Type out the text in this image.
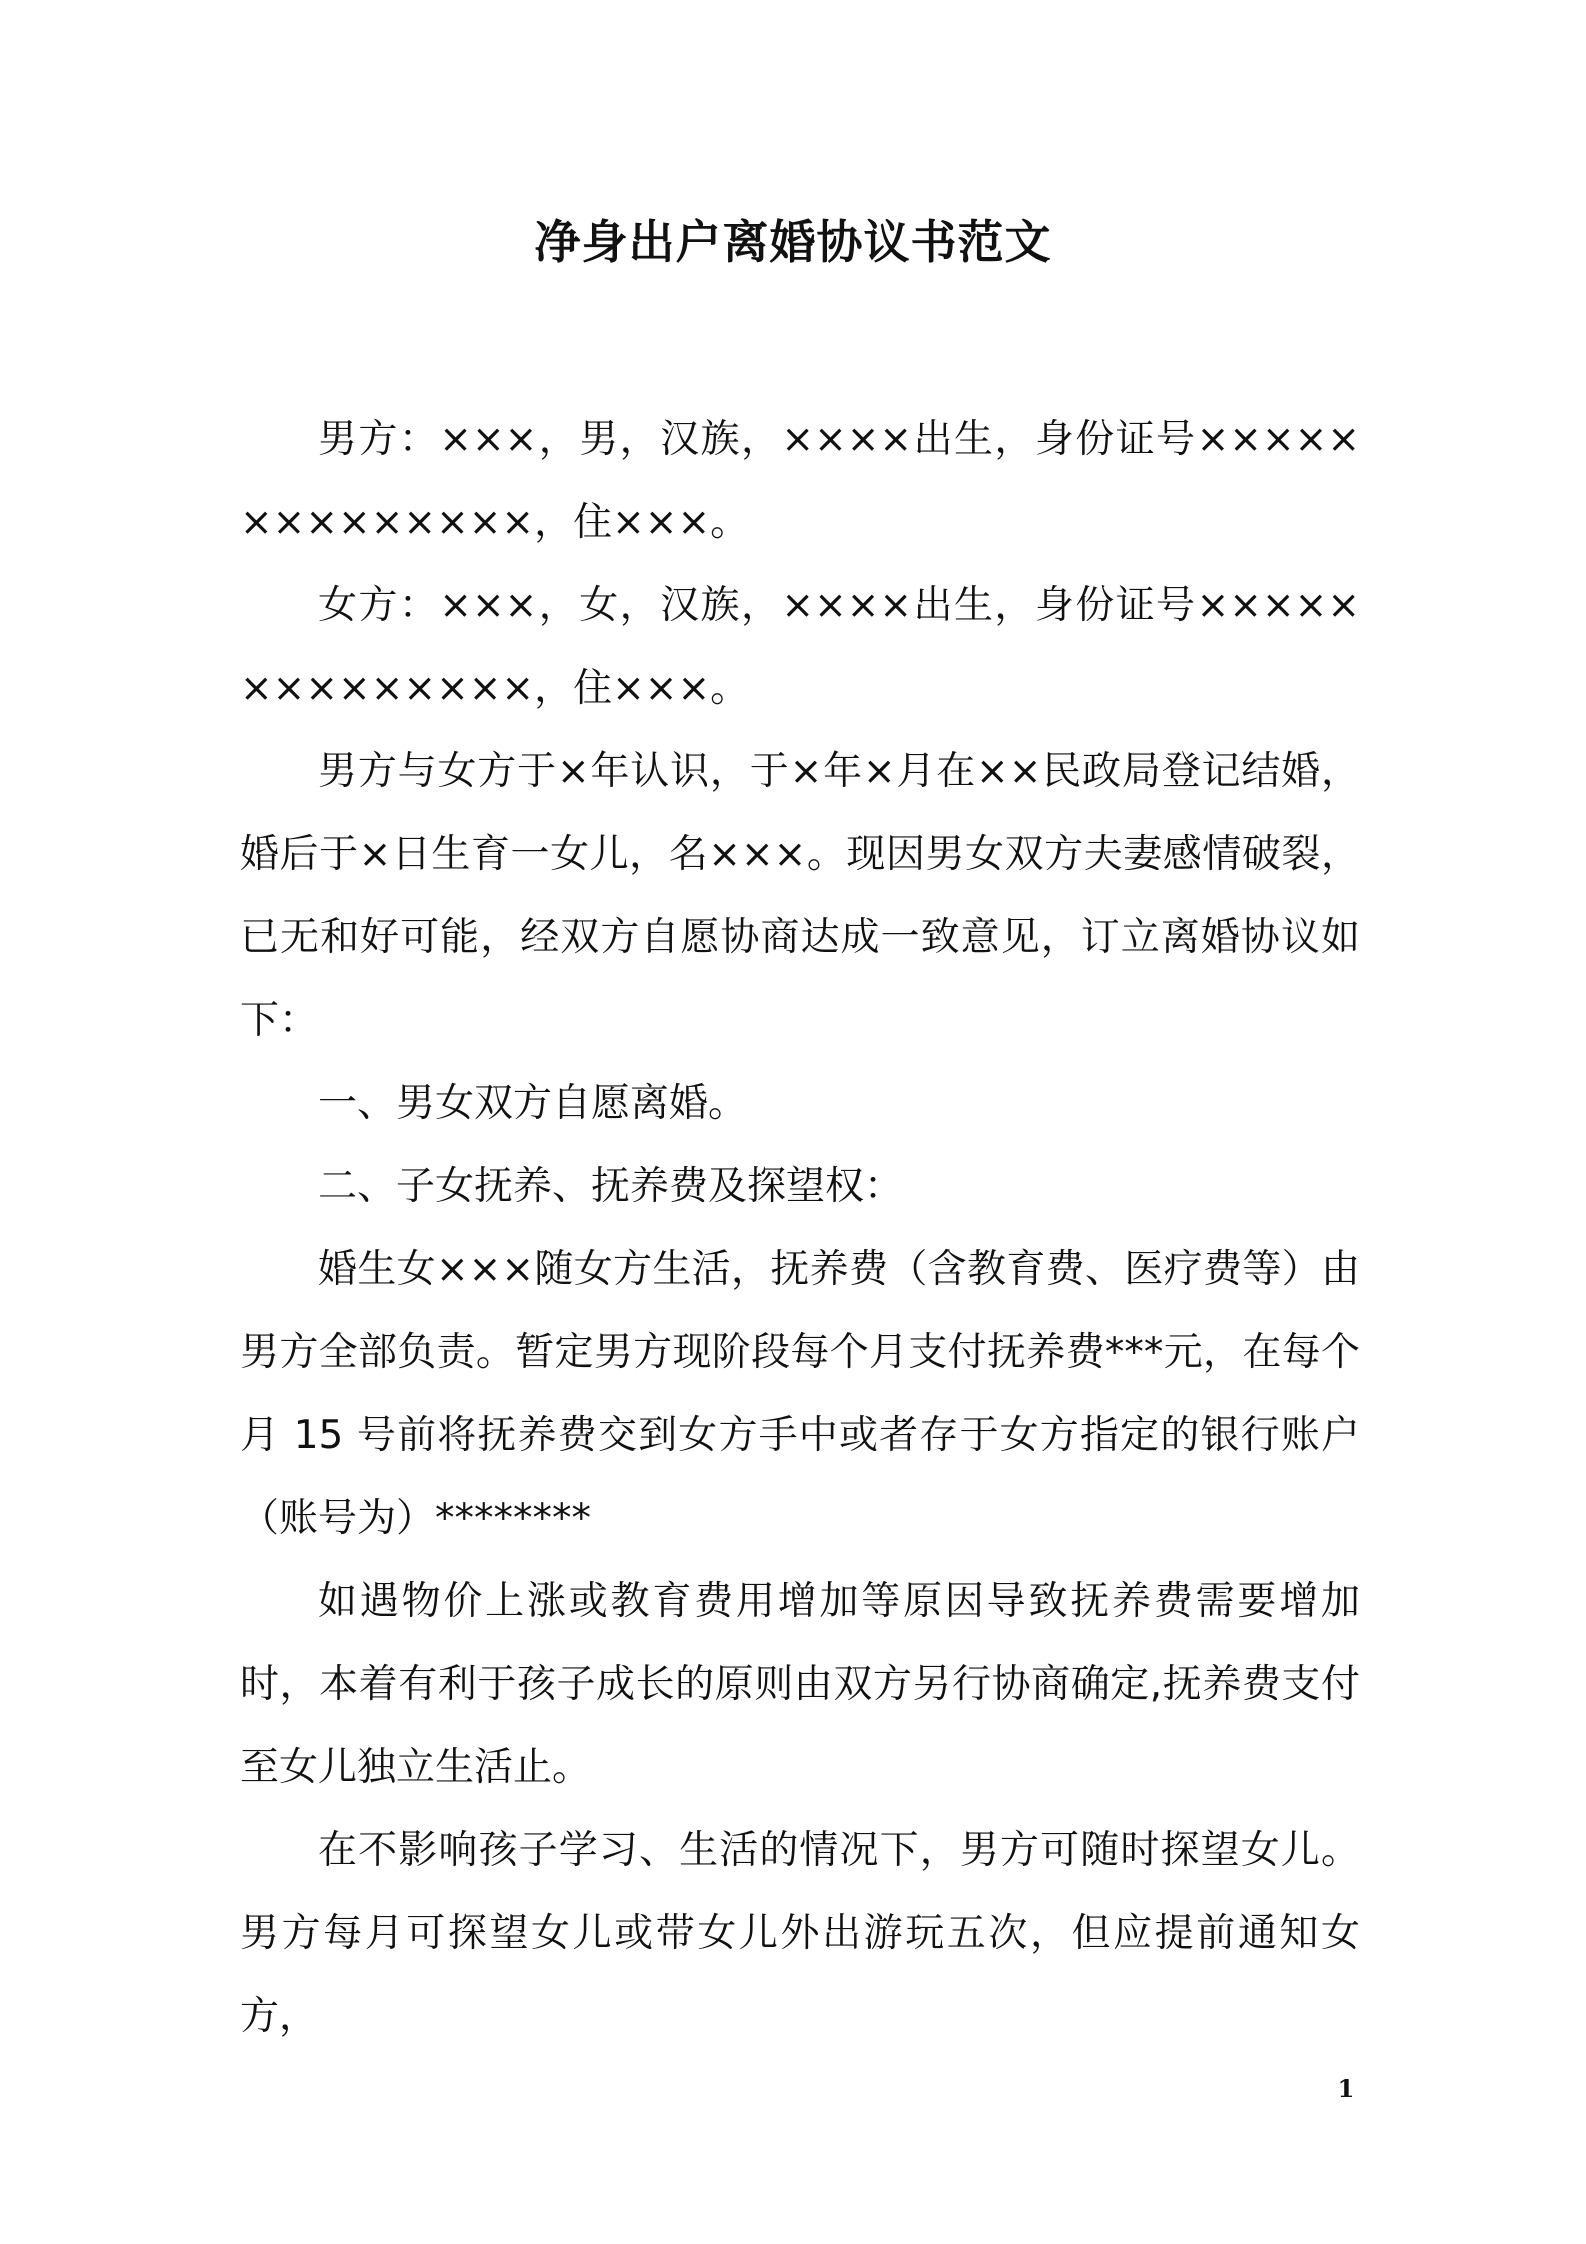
净身出户离婚协议书范文

男方：×××，男，汉族，××××出生，身份证号××××××××××××××，住×××。

女方：×××，女，汉族，××××出生，身份证号××××××××××××××，住×××。

男方与女方于×年认识，于×年×月在××民政局登记结婚，婚后于×日生育一女儿，名×××。现因男女双方夫妻感情破裂，已无和好可能，经双方自愿协商达成一致意见，订立离婚协议如下：

一、男女双方自愿离婚。

二、子女抚养、抚养费及探望权：

婚生女×××随女方生活，抚养费（含教育费、医疗费等）由男方全部负责。暂定男方现阶段每个月支付抚养费***元，在每个月 15 号前将抚养费交到女方手中或者存于女方指定的银行账户（账号为）********

如遇物价上涨或教育费用增加等原因导致抚养费需要增加时，本着有利于孩子成长的原则由双方另行协商确定,抚养费支付至女儿独立生活止。

在不影响孩子学习、生活的情况下，男方可随时探望女儿。男方每月可探望女儿或带女儿外出游玩五次，但应提前通知女方，

1
